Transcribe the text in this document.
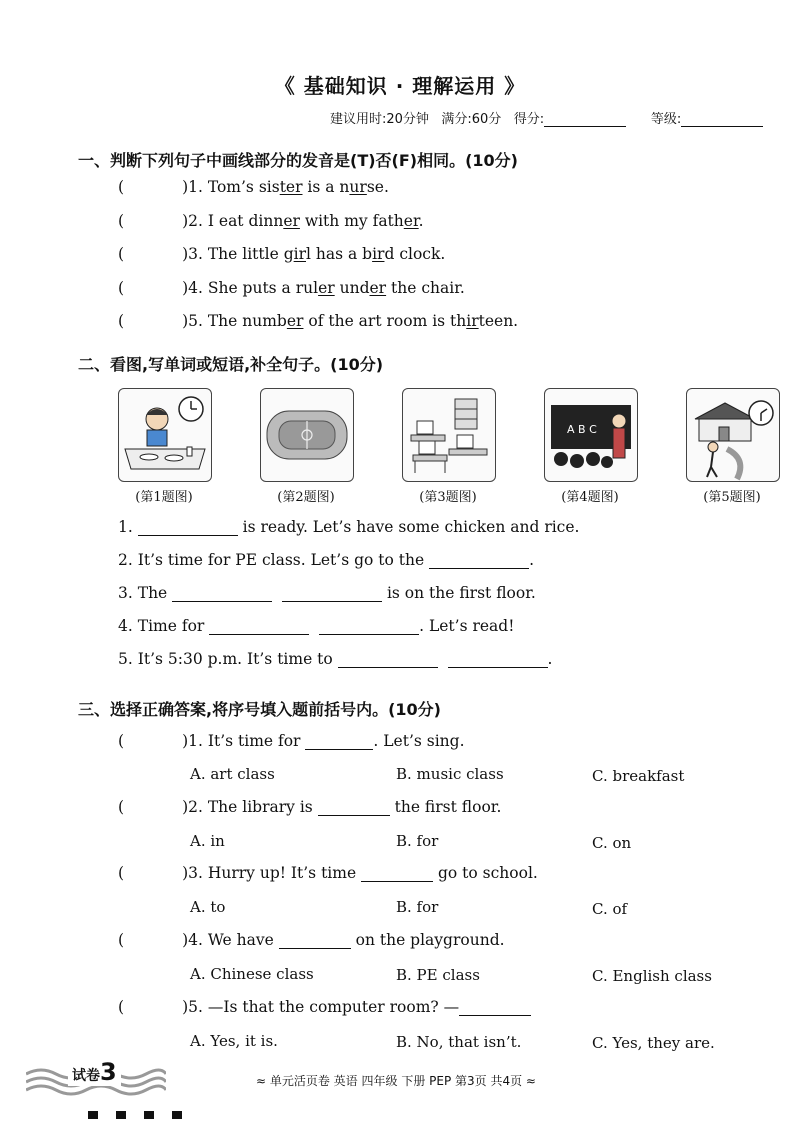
《 基础知识 · 理解运用 》
建议用时:20分钟 满分:60分 得分:	等级:
一、判断下列句子中画线部分的发音是(T)否(F)相同。(10分)
(	)1. Tom’s sister is a nurse.
(	)2. I eat dinner with my father.
(	)3. The little girl has a bird clock.
(	)4. She puts a ruler under the chair.
(	)5. The number of the art room is thirteen.
二、看图,写单词或短语,补全句子。(10分)
A B C
(第1题图)	(第2题图)	(第3题图)	(第4题图)	(第5题图)
1.	is ready. Let’s have some chicken and rice.
2. It’s time for PE class. Let’s go to the	.
3. The	is on the first floor.
4. Time for	. Let’s read!
5. It’s 5:30 p.m. It’s time to	.
三、选择正确答案,将序号填入题前括号内。(10分)
(	)1. It’s time for	. Let’s sing.
A. art class	B. music class	C. breakfast
(	)2. The library is	the first floor.
A. in	B. for	C. on
(	)3. Hurry up! It’s time	go to school.
A. to	B. for	C. of
(	)4. We have	on the playground.
A. Chinese class	B. PE class	C. English class
(	)5. —Is that the computer room? —
A. Yes, it is.	B. No, that isn’t.	C. Yes, they are.
试卷3	≈ 单元活页卷 英语 四年级 下册 PEP 第3页 共4页 ≈
